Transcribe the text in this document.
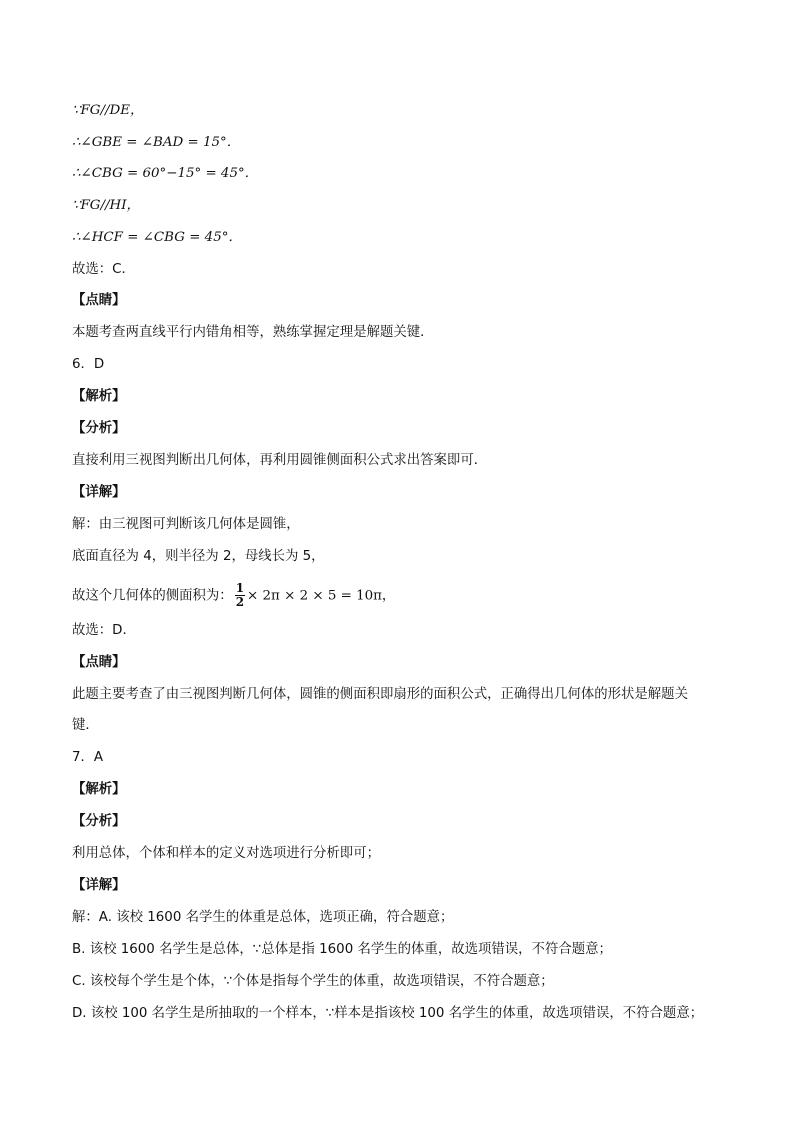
∵FG//DE，
∴∠GBE = ∠BAD = 15°．
∴∠CBG = 60°−15° = 45°．
∵FG//HI，
∴∠HCF = ∠CBG = 45°．
故选：C．
【点睛】
本题考查两直线平行内错角相等，熟练掌握定理是解题关键．
6．D
【解析】
【分析】
直接利用三视图判断出几何体，再利用圆锥侧面积公式求出答案即可．
【详解】
解：由三视图可判断该几何体是圆锥，
底面直径为 4，则半径为 2，母线长为 5，
故这个几何体的侧面积为： $\frac{1}{2} \times 2\pi \times 2 \times 5 = 10\pi$，
故选：D．
【点睛】
此题主要考查了由三视图判断几何体，圆锥的侧面积即扇形的面积公式，正确得出几何体的形状是解题关
键．
7．A
【解析】
【分析】
利用总体，个体和样本的定义对选项进行分析即可；
【详解】
解：A. 该校 1600 名学生的体重是总体，选项正确，符合题意；
B. 该校 1600 名学生是总体，∵总体是指 1600 名学生的体重，故选项错误，不符合题意；
C. 该校每个学生是个体，∵个体是指每个学生的体重，故选项错误，不符合题意；
D. 该校 100 名学生是所抽取的一个样本，∵样本是指该校 100 名学生的体重，故选项错误，不符合题意；
